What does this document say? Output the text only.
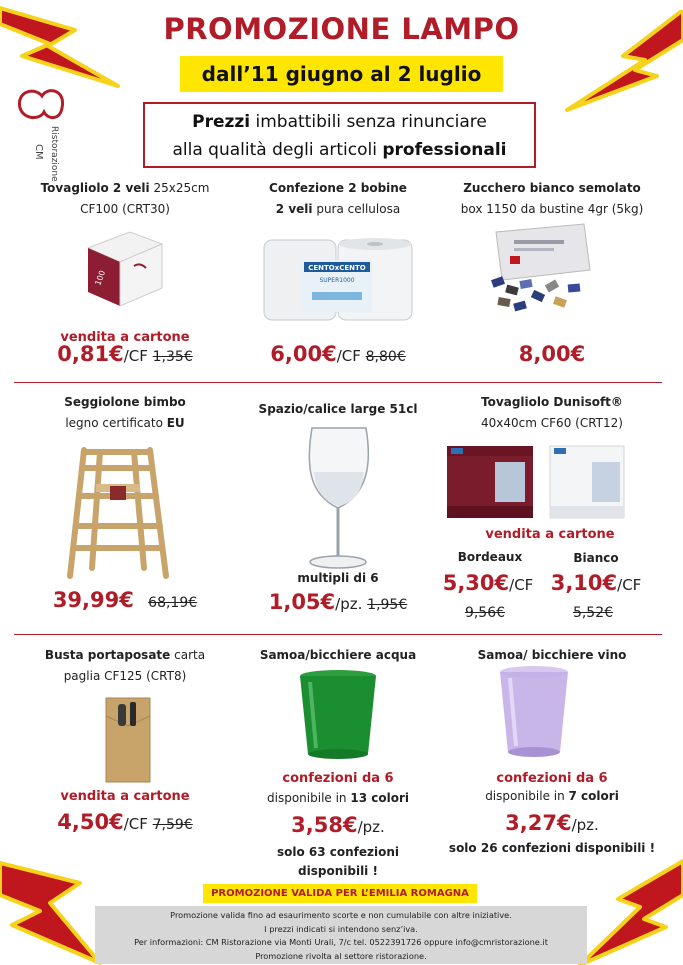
CM Ristorazione
PROMOZIONE LAMPO
dall’11 giugno al 2 luglio
Prezzi imbattibili senza rinunciare
alla qualità degli articoli professionali
Tovagliolo 2 veli 25x25cm
CF100 (CRT30)
100
vendita a cartone
0,81€/CF 1,35€
Confezione 2 bobine
2 veli pura cellulosa
CENTOxCENTO
SUPER1000
6,00€/CF 8,80€
Zucchero bianco semolato
box 1150 da bustine 4gr (5kg)
8,00€
Seggiolone bimbo
legno certificato EU
39,99€ 68,19€
Spazio/calice large 51cl
multipli di 6
1,05€/pz. 1,95€
Tovagliolo Dunisoft®
40x40cm CF60 (CRT12)
vendita a cartone
Bordeaux	Bianco
5,30€/CF 3,10€/CF
9,56€	5,52€
Busta portaposate carta
paglia CF125 (CRT8)
vendita a cartone
4,50€/CF 7,59€
Samoa/bicchiere acqua
confezioni da 6
disponibile in 13 colori
3,58€/pz.
solo 63 confezioni
disponibili !
Samoa/ bicchiere vino
confezioni da 6
disponibile in 7 colori
3,27€/pz.
solo 26 confezioni disponibili !
PROMOZIONE VALIDA PER L’EMILIA ROMAGNA
Promozione valida fino ad esaurimento scorte e non cumulabile con altre iniziative.
I prezzi indicati si intendono senz’iva.
Per informazioni: CM Ristorazione via Monti Urali, 7/c tel. 0522391726 oppure info@cmristorazione.it
Promozione rivolta al settore ristorazione.
